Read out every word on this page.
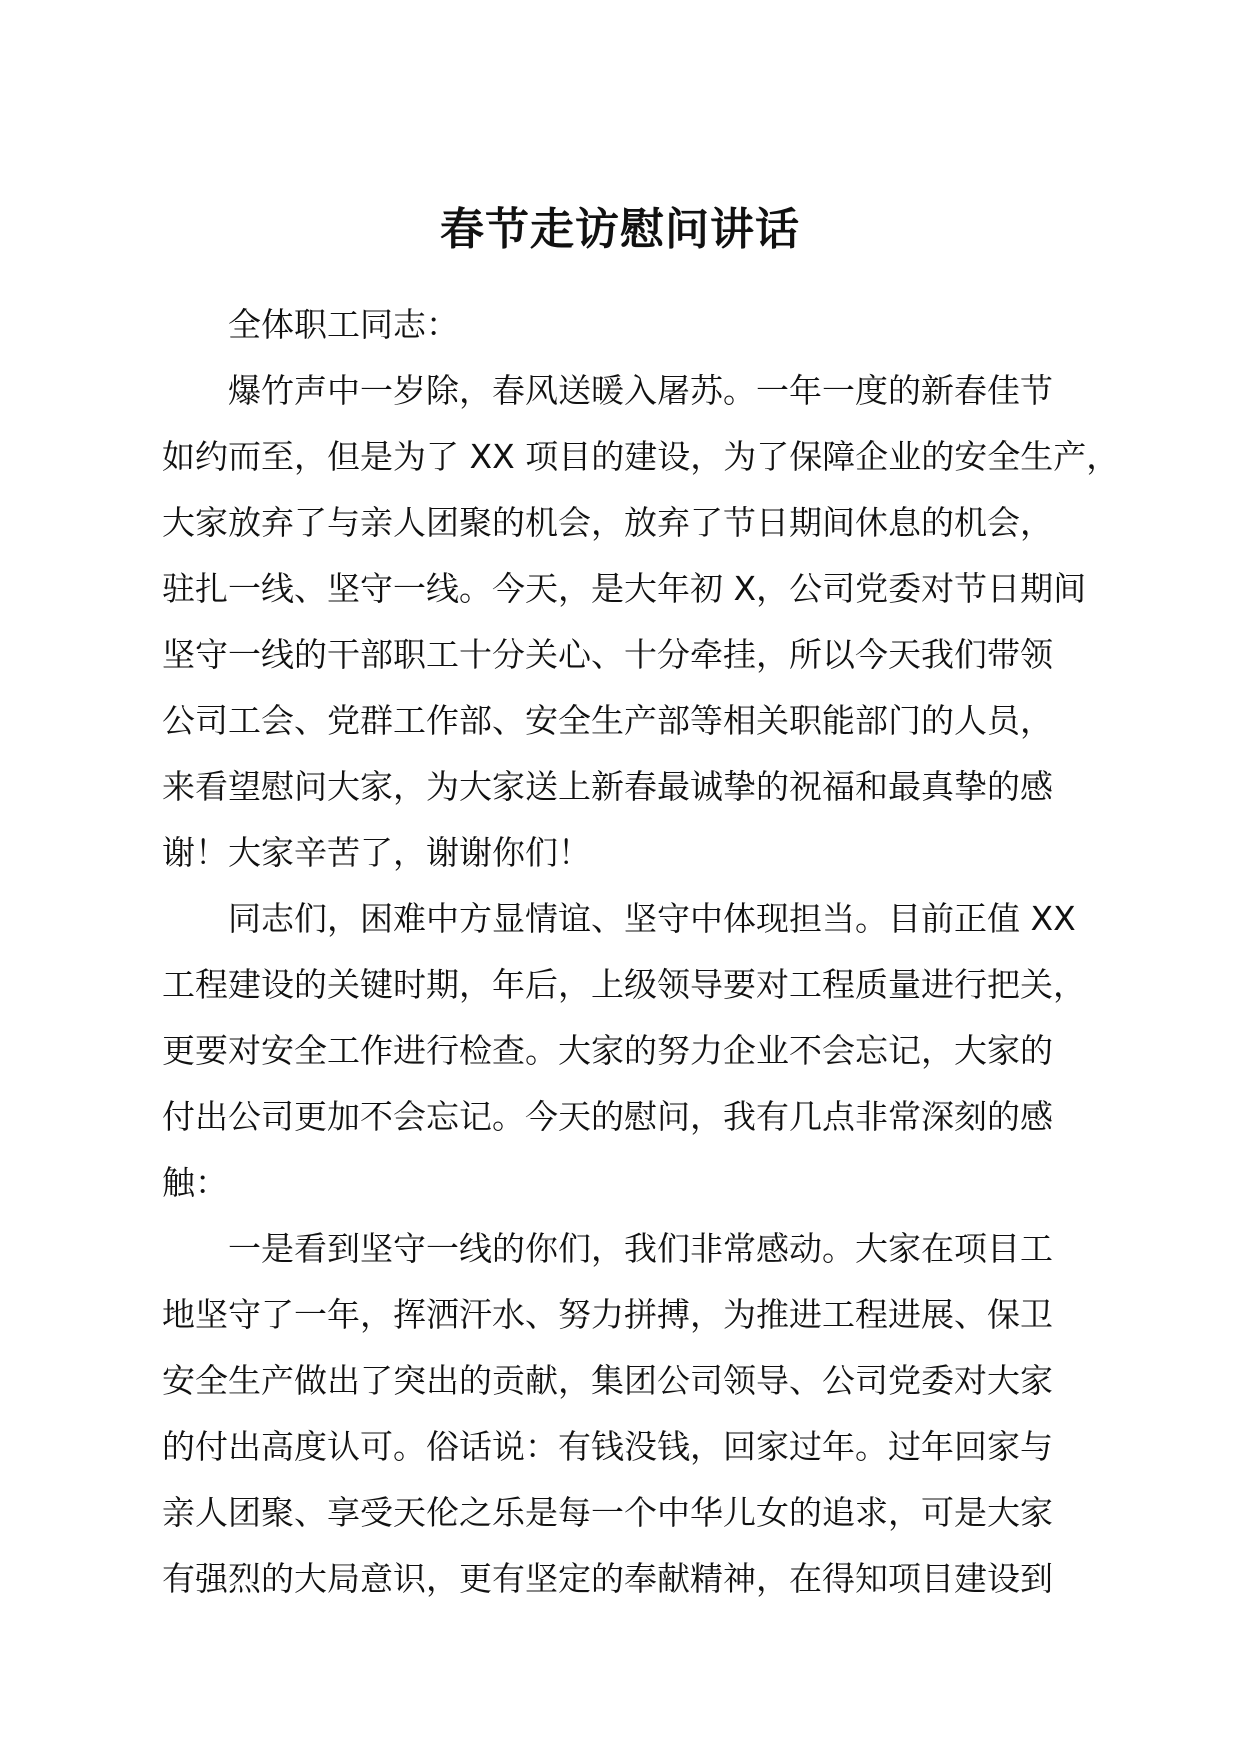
春节走访慰问讲话
全体职工同志：
爆竹声中一岁除，春风送暖入屠苏。一年一度的新春佳节
如约而至，但是为了 XX 项目的建设，为了保障企业的安全生产，
大家放弃了与亲人团聚的机会，放弃了节日期间休息的机会，
驻扎一线、坚守一线。今天，是大年初 X，公司党委对节日期间
坚守一线的干部职工十分关心、十分牵挂，所以今天我们带领
公司工会、党群工作部、安全生产部等相关职能部门的人员，
来看望慰问大家，为大家送上新春最诚挚的祝福和最真挚的感
谢！大家辛苦了，谢谢你们！
同志们，困难中方显情谊、坚守中体现担当。目前正值 XX
工程建设的关键时期，年后，上级领导要对工程质量进行把关，
更要对安全工作进行检查。大家的努力企业不会忘记，大家的
付出公司更加不会忘记。今天的慰问，我有几点非常深刻的感
触：
一是看到坚守一线的你们，我们非常感动。大家在项目工
地坚守了一年，挥洒汗水、努力拼搏，为推进工程进展、保卫
安全生产做出了突出的贡献，集团公司领导、公司党委对大家
的付出高度认可。俗话说：有钱没钱，回家过年。过年回家与
亲人团聚、享受天伦之乐是每一个中华儿女的追求，可是大家
有强烈的大局意识，更有坚定的奉献精神，在得知项目建设到
